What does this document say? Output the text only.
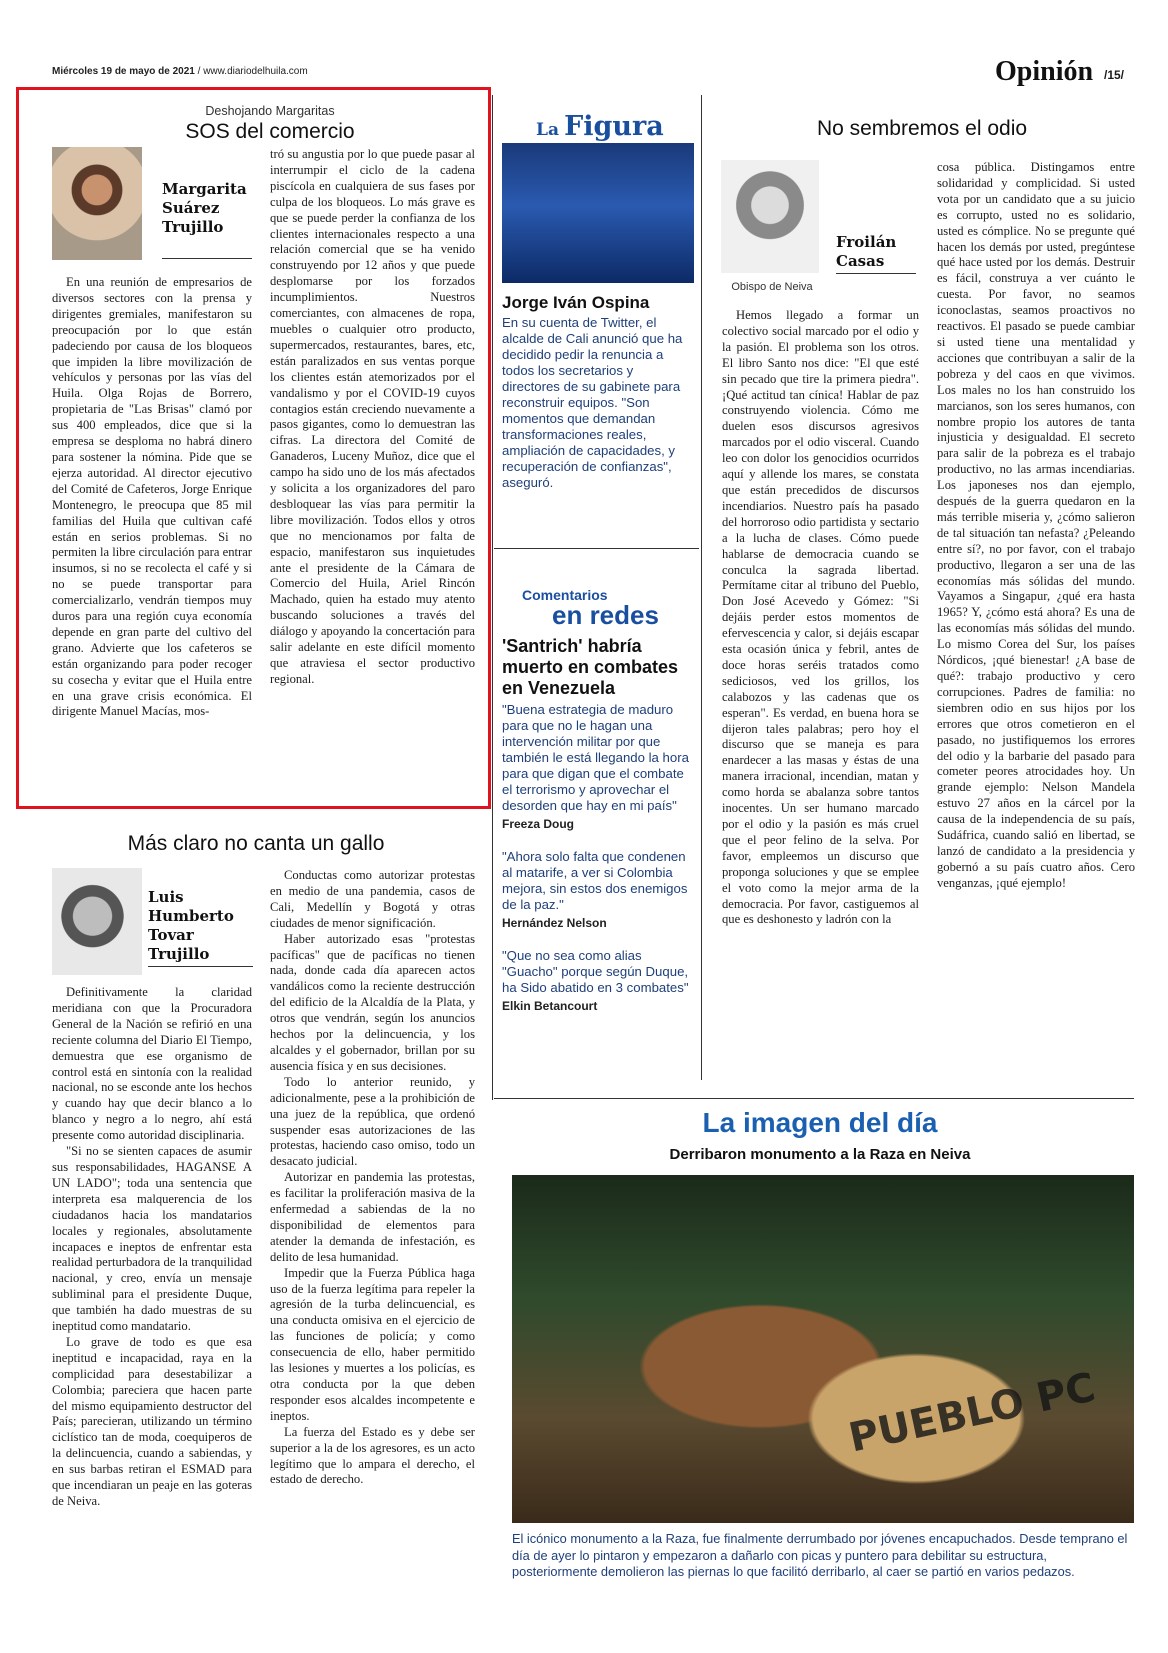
Miércoles 19 de mayo de 2021 / www.diariodelhuila.com	Opinión /15/
Deshojando Margaritas
SOS del comercio
Margarita Suárez Trujillo

En una reunión de empresarios de diversos sectores con la prensa y dirigentes gremiales, manifestaron su preocupación por lo que están padeciendo por causa de los bloqueos que impiden la libre movilización de vehículos y personas por las vías del Huila. Olga Rojas de Borrero, propietaria de "Las Brisas" clamó por sus 400 empleados, dice que si la empresa se desploma no habrá dinero para sostener la nómina. Pide que se ejerza autoridad. Al director ejecutivo del Comité de Cafeteros, Jorge Enrique Montenegro, le preocupa que 85 mil familias del Huila que cultivan café están en serios problemas. Si no permiten la libre circulación para entrar insumos, si no se recolecta el café y si no se puede transportar para comercializarlo, vendrán tiempos muy duros para una región cuya economía depende en gran parte del cultivo del grano. Advierte que los cafeteros se están organizando para poder recoger su cosecha y evitar que el Huila entre en una grave crisis económica. El dirigente Manuel Macías, mos-

tró su angustia por lo que puede pasar al interrumpir el ciclo de la cadena piscícola en cualquiera de sus fases por culpa de los bloqueos. Lo más grave es que se puede perder la confianza de los clientes internacionales respecto a una relación comercial que se ha venido construyendo por 12 años y que puede desplomarse por los forzados incumplimientos. Nuestros comerciantes, con almacenes de ropa, muebles o cualquier otro producto, supermercados, restaurantes, bares, etc, están paralizados en sus ventas porque los clientes están atemorizados por el vandalismo y por el COVID-19 cuyos contagios están creciendo nuevamente a pasos gigantes, como lo demuestran las cifras. La directora del Comité de Ganaderos, Luceny Muñoz, dice que el campo ha sido uno de los más afectados y solicita a los organizadores del paro desbloquear las vías para permitir la libre movilización. Todos ellos y otros que no mencionamos por falta de espacio, manifestaron sus inquietudes ante el presidente de la Cámara de Comercio del Huila, Ariel Rincón Machado, quien ha estado muy atento buscando soluciones a través del diálogo y apoyando la concertación para salir adelante en este difícil momento que atraviesa el sector productivo regional.

Más claro no canta un gallo
Luis Humberto Tovar Trujillo

Definitivamente la claridad meridiana con que la Procuradora General de la Nación se refirió en una reciente columna del Diario El Tiempo, demuestra que ese organismo de control está en sintonía con la realidad nacional, no se esconde ante los hechos y cuando hay que decir blanco a lo blanco y negro a lo negro, ahí está presente como autoridad disciplinaria.

"Si no se sienten capaces de asumir sus responsabilidades, HAGANSE A UN LADO"; toda una sentencia que interpreta esa malquerencia de los ciudadanos hacia los mandatarios locales y regionales, absolutamente incapaces e ineptos de enfrentar esta realidad perturbadora de la tranquilidad nacional, y creo, envía un mensaje subliminal para el presidente Duque, que también ha dado muestras de su ineptitud como mandatario.

Lo grave de todo es que esa ineptitud e incapacidad, raya en la complicidad para desestabilizar a Colombia; pareciera que hacen parte del mismo equipamiento destructor del País; parecieran, utilizando un término ciclístico tan de moda, coequiperos de la delincuencia, cuando a sabiendas, y en sus barbas retiran el ESMAD para que incendiaran un peaje en las goteras de Neiva.

Conductas como autorizar protestas en medio de una pandemia, casos de Cali, Medellín y Bogotá y otras ciudades de menor significación.

Haber autorizado esas "protestas pacíficas" que de pacíficas no tienen nada, donde cada día aparecen actos vandálicos como la reciente destrucción del edificio de la Alcaldía de la Plata, y otros que vendrán, según los anuncios hechos por la delincuencia, y los alcaldes y el gobernador, brillan por su ausencia física y en sus decisiones.

Todo lo anterior reunido, y adicionalmente, pese a la prohibición de una juez de la república, que ordenó suspender esas autorizaciones de las protestas, haciendo caso omiso, todo un desacato judicial.

Autorizar en pandemia las protestas, es facilitar la proliferación masiva de la enfermedad a sabiendas de la no disponibilidad de elementos para atender la demanda de infestación, es delito de lesa humanidad.

Impedir que la Fuerza Pública haga uso de la fuerza legítima para repeler la agresión de la turba delincuencial, es una conducta omisiva en el ejercicio de las funciones de policía; y como consecuencia de ello, haber permitido las lesiones y muertes a los policías, es otra conducta por la que deben responder esos alcaldes incompetente e ineptos.

La fuerza del Estado es y debe ser superior a la de los agresores, es un acto legítimo que lo ampara el derecho, el estado de derecho.

La Figura
Jorge Iván Ospina
En su cuenta de Twitter, el alcalde de Cali anunció que ha decidido pedir la renuncia a todos los secretarios y directores de su gabinete para reconstruir equipos. "Son momentos que demandan transformaciones reales, ampliación de capacidades, y recuperación de confianzas", aseguró.
Comentarios
en redes
'Santrich' habría muerto en combates en Venezuela
"Buena estrategia de maduro para que no le hagan una intervención militar por que también le está llegando la hora para que digan que el combate el terrorismo y aprovechar el desorden que hay en mi país"
Freeza Doug
"Ahora solo falta que condenen al matarife, a ver si Colombia mejora, sin estos dos enemigos de la paz."
Hernández Nelson
"Que no sea como alias "Guacho" porque según Duque, ha Sido abatido en 3 combates"
Elkin Betancourt
No sembremos el odio
Froilán Casas
Obispo de Neiva

Hemos llegado a formar un colectivo social marcado por el odio y la pasión. El problema son los otros. El libro Santo nos dice: "El que esté sin pecado que tire la primera piedra". ¡Qué actitud tan cínica! Hablar de paz construyendo violencia. Cómo me duelen esos discursos agresivos marcados por el odio visceral. Cuando leo con dolor los genocidios ocurridos aquí y allende los mares, se constata que están precedidos de discursos incendiarios. Nuestro país ha pasado del horroroso odio partidista y sectario a la lucha de clases. Cómo puede hablarse de democracia cuando se conculca la sagrada libertad. Permítame citar al tribuno del Pueblo, Don José Acevedo y Gómez: "Si dejáis perder estos momentos de efervescencia y calor, si dejáis escapar esta ocasión única y febril, antes de doce horas seréis tratados como sediciosos, ved los grillos, los calabozos y las cadenas que os esperan". Es verdad, en buena hora se dijeron tales palabras; pero hoy el discurso que se maneja es para enardecer a las masas y éstas de una manera irracional, incendian, matan y como horda se abalanza sobre tantos inocentes. Un ser humano marcado por el odio y la pasión es más cruel que el peor felino de la selva. Por favor, empleemos un discurso que proponga soluciones y que se emplee el voto como la mejor arma de la democracia. Por favor, castiguemos al que es deshonesto y ladrón con la

cosa pública. Distingamos entre solidaridad y complicidad. Si usted vota por un candidato que a su juicio es corrupto, usted no es solidario, usted es cómplice. No se pregunte qué hacen los demás por usted, pregúntese qué hace usted por los demás. Destruir es fácil, construya a ver cuánto le cuesta. Por favor, no seamos iconoclastas, seamos proactivos no reactivos. El pasado se puede cambiar si usted tiene una mentalidad y acciones que contribuyan a salir de la pobreza y del caos en que vivimos. Los males no los han construido los marcianos, son los seres humanos, con nombre propio los autores de tanta injusticia y desigualdad. El secreto para salir de la pobreza es el trabajo productivo, no las armas incendiarias. Los japoneses nos dan ejemplo, después de la guerra quedaron en la más terrible miseria y, ¿cómo salieron de tal situación tan nefasta? ¿Peleando entre sí?, no por favor, con el trabajo productivo, llegaron a ser una de las economías más sólidas del mundo. Vayamos a Singapur, ¿qué era hasta 1965? Y, ¿cómo está ahora? Es una de las economías más sólidas del mundo. Lo mismo Corea del Sur, los países Nórdicos, ¡qué bienestar! ¿A base de qué?: trabajo productivo y cero corrupciones. Padres de familia: no siembren odio en sus hijos por los errores que otros cometieron en el pasado, no justifiquemos los errores del odio y la barbarie del pasado para cometer peores atrocidades hoy. Un grande ejemplo: Nelson Mandela estuvo 27 años en la cárcel por la causa de la independencia de su país, Sudáfrica, cuando salió en libertad, se lanzó de candidato a la presidencia y gobernó a su país cuatro años. Cero venganzas, ¡qué ejemplo!

La imagen del día
Derribaron monumento a la Raza en Neiva
PUEBLO PC
El icónico monumento a la Raza, fue finalmente derrumbado por jóvenes encapuchados. Desde temprano el día de ayer lo pintaron y empezaron a dañarlo con picas y puntero para debilitar su estructura, posteriormente demolieron las piernas lo que facilitó derribarlo, al caer se partió en varios pedazos.
